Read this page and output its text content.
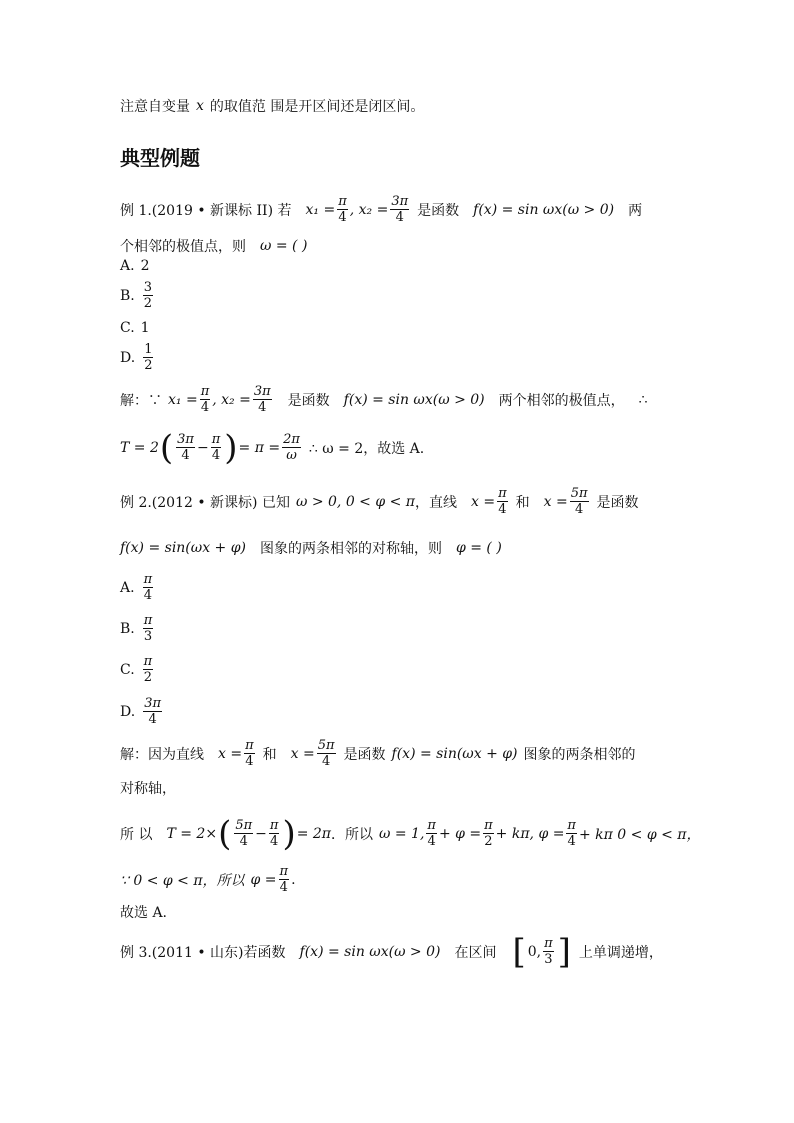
注意自变量 x 的取值范 围是开区间还是闭区间。
典型例题
例 1.(2019 • 新课标 II) 若 $x_1 = \frac{\pi}{4}$ , $x_2 = \frac{3\pi}{4}$ 是函数 f(x) = sin ωx(ω > 0) 两
个相邻的极值点，则 ω = ( )
A. 2
B. $\frac{3}{2}$
C. 1
D. $\frac{1}{2}$
解：∵ $x_1 = \frac{\pi}{4}$ , $x_2 = \frac{3\pi}{4}$ 是函数 f(x) = sin ωx(ω > 0) 两个相邻的极值点， ∴
T = 2 ( $\frac{3\pi}{4} - \frac{\pi}{4}$ ) = $\pi = \frac{2\pi}{\omega}$ ∴ ω = 2，故选 A.
例 2.(2012 • 新课标) 已知 ω > 0, 0 < φ < π ，直线 $x = \frac{\pi}{4}$ 和 $x = \frac{5\pi}{4}$ 是函数
f(x) = sin(ωx + φ) 图象的两条相邻的对称轴，则 φ = ( )
A. $\frac{\pi}{4}$
B. $\frac{\pi}{3}$
C. $\frac{\pi}{2}$
D. $\frac{3\pi}{4}$
解：因为直线 $x = \frac{\pi}{4}$ 和 $x = \frac{5\pi}{4}$ 是函数 f(x) = sin(ωx + φ) 图象的两条相邻的
对称轴，
所 以 T = 2× ( $\frac{5\pi}{4} - \frac{\pi}{4}$ ) = 2π ．所以 ω = 1, $\frac{\pi}{4} + \varphi = \frac{\pi}{2} + k\pi$, $\varphi = \frac{\pi}{4} + k\pi$ 0 < φ < π，
∵ 0 < φ < π，所以 $\varphi = \frac{\pi}{4}$ .
故选 A.
例 3.(2011 • 山东)若函数 f(x) = sin ωx(ω > 0) 在区间 [ 0, $\frac{\pi}{3}$ ] 上单调递增，
